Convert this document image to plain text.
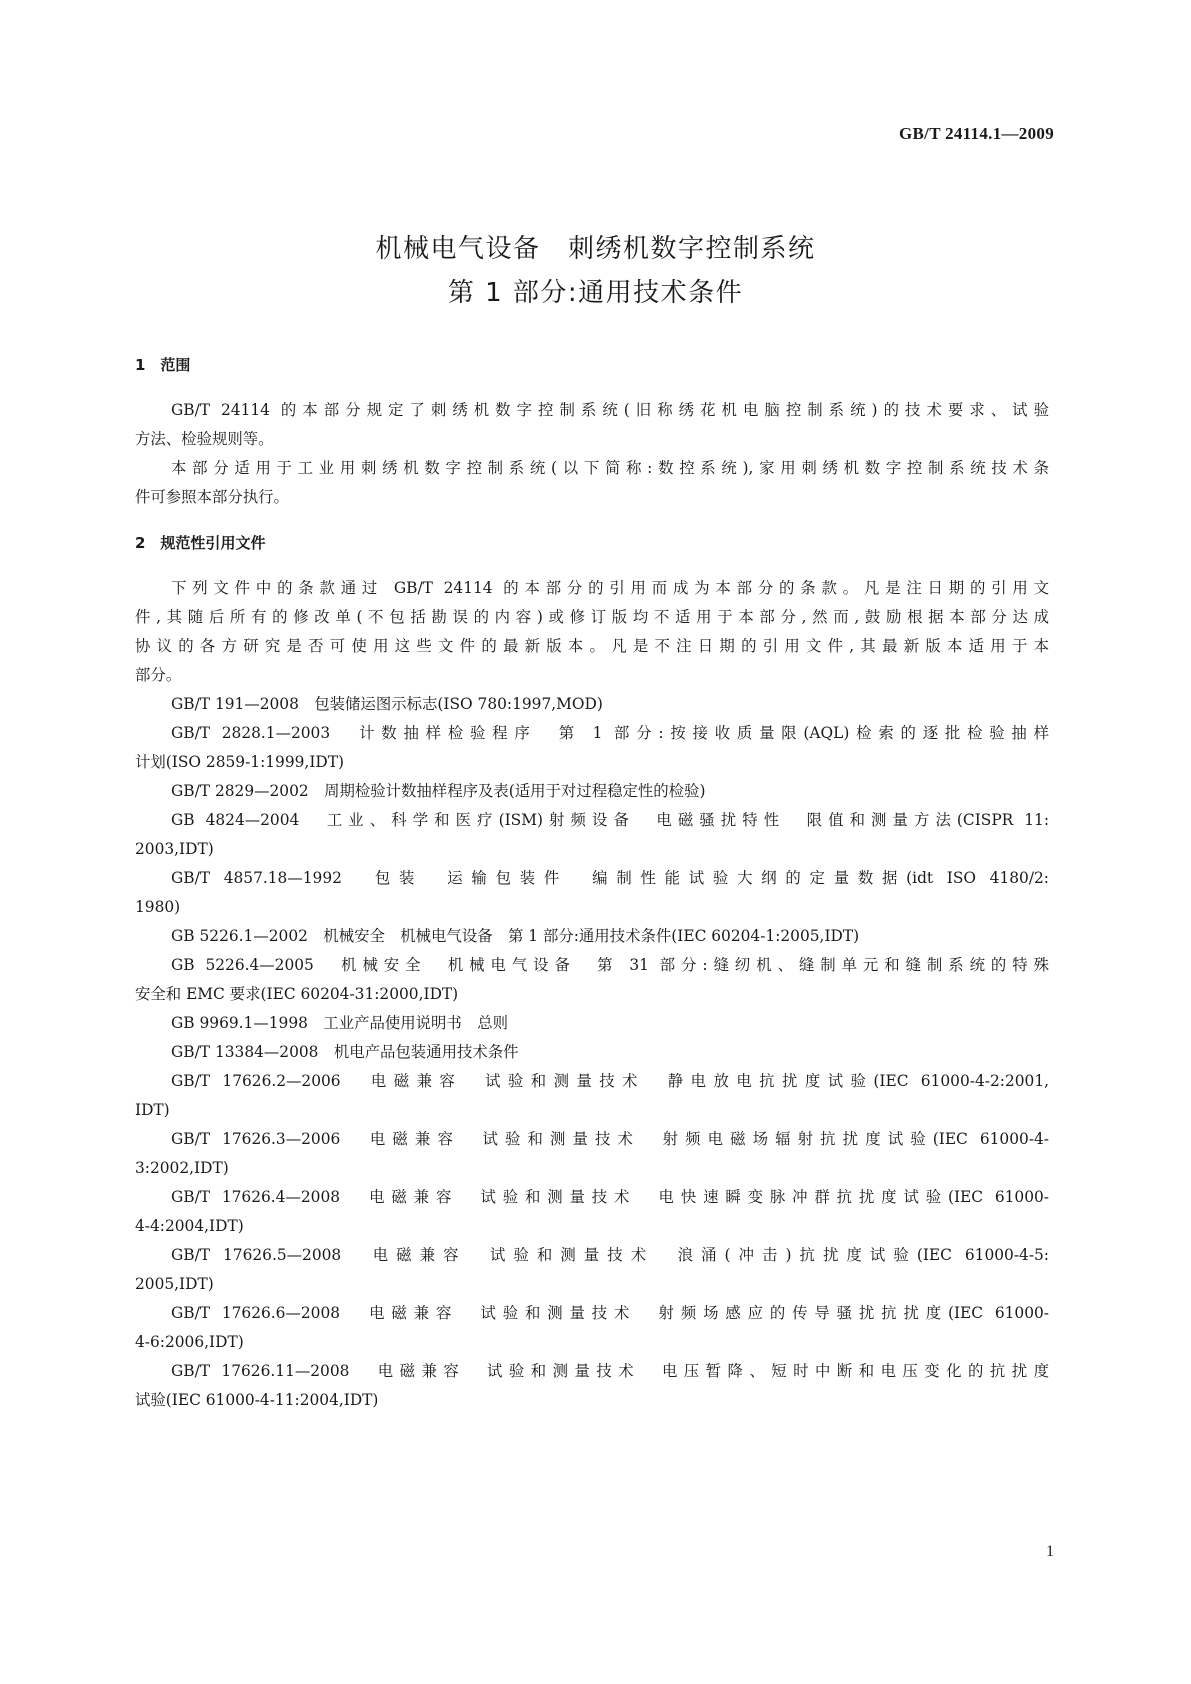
GB/T 24114.1—2009
机械电气设备　刺绣机数字控制系统
第 1 部分:通用技术条件
1　范围
GB/T 24114 的本部分规定了刺绣机数字控制系统(旧称绣花机电脑控制系统)的技术要求、试验
方法、检验规则等。
本部分适用于工业用刺绣机数字控制系统(以下简称:数控系统),家用刺绣机数字控制系统技术条
件可参照本部分执行。
2　规范性引用文件
下列文件中的条款通过 GB/T 24114 的本部分的引用而成为本部分的条款。凡是注日期的引用文
件,其随后所有的修改单(不包括勘误的内容)或修订版均不适用于本部分,然而,鼓励根据本部分达成
协议的各方研究是否可使用这些文件的最新版本。凡是不注日期的引用文件,其最新版本适用于本
部分。
GB/T 191—2008　包装储运图示标志(ISO 780:1997,MOD)
GB/T 2828.1—2003　计数抽样检验程序　第 1 部分:按接收质量限(AQL)检索的逐批检验抽样
计划(ISO 2859-1:1999,IDT)
GB/T 2829—2002　周期检验计数抽样程序及表(适用于对过程稳定性的检验)
GB 4824—2004　工业、科学和医疗(ISM)射频设备　电磁骚扰特性　限值和测量方法(CISPR 11:
2003,IDT)
GB/T 4857.18—1992　包装　运输包装件　编制性能试验大纲的定量数据(idt ISO 4180/2:
1980)
GB 5226.1—2002　机械安全　机械电气设备　第 1 部分:通用技术条件(IEC 60204-1:2005,IDT)
GB 5226.4—2005　机械安全　机械电气设备　第 31 部分:缝纫机、缝制单元和缝制系统的特殊
安全和 EMC 要求(IEC 60204-31:2000,IDT)
GB 9969.1—1998　工业产品使用说明书　总则
GB/T 13384—2008　机电产品包装通用技术条件
GB/T 17626.2—2006　电磁兼容　试验和测量技术　静电放电抗扰度试验(IEC 61000-4-2:2001,
IDT)
GB/T 17626.3—2006　电磁兼容　试验和测量技术　射频电磁场辐射抗扰度试验(IEC 61000-4-
3:2002,IDT)
GB/T 17626.4—2008　电磁兼容　试验和测量技术　电快速瞬变脉冲群抗扰度试验(IEC 61000-
4-4:2004,IDT)
GB/T 17626.5—2008　电磁兼容　试验和测量技术　浪涌(冲击)抗扰度试验(IEC 61000-4-5:
2005,IDT)
GB/T 17626.6—2008　电磁兼容　试验和测量技术　射频场感应的传导骚扰抗扰度(IEC 61000-
4-6:2006,IDT)
GB/T 17626.11—2008　电磁兼容　试验和测量技术　电压暂降、短时中断和电压变化的抗扰度
试验(IEC 61000-4-11:2004,IDT)
1
